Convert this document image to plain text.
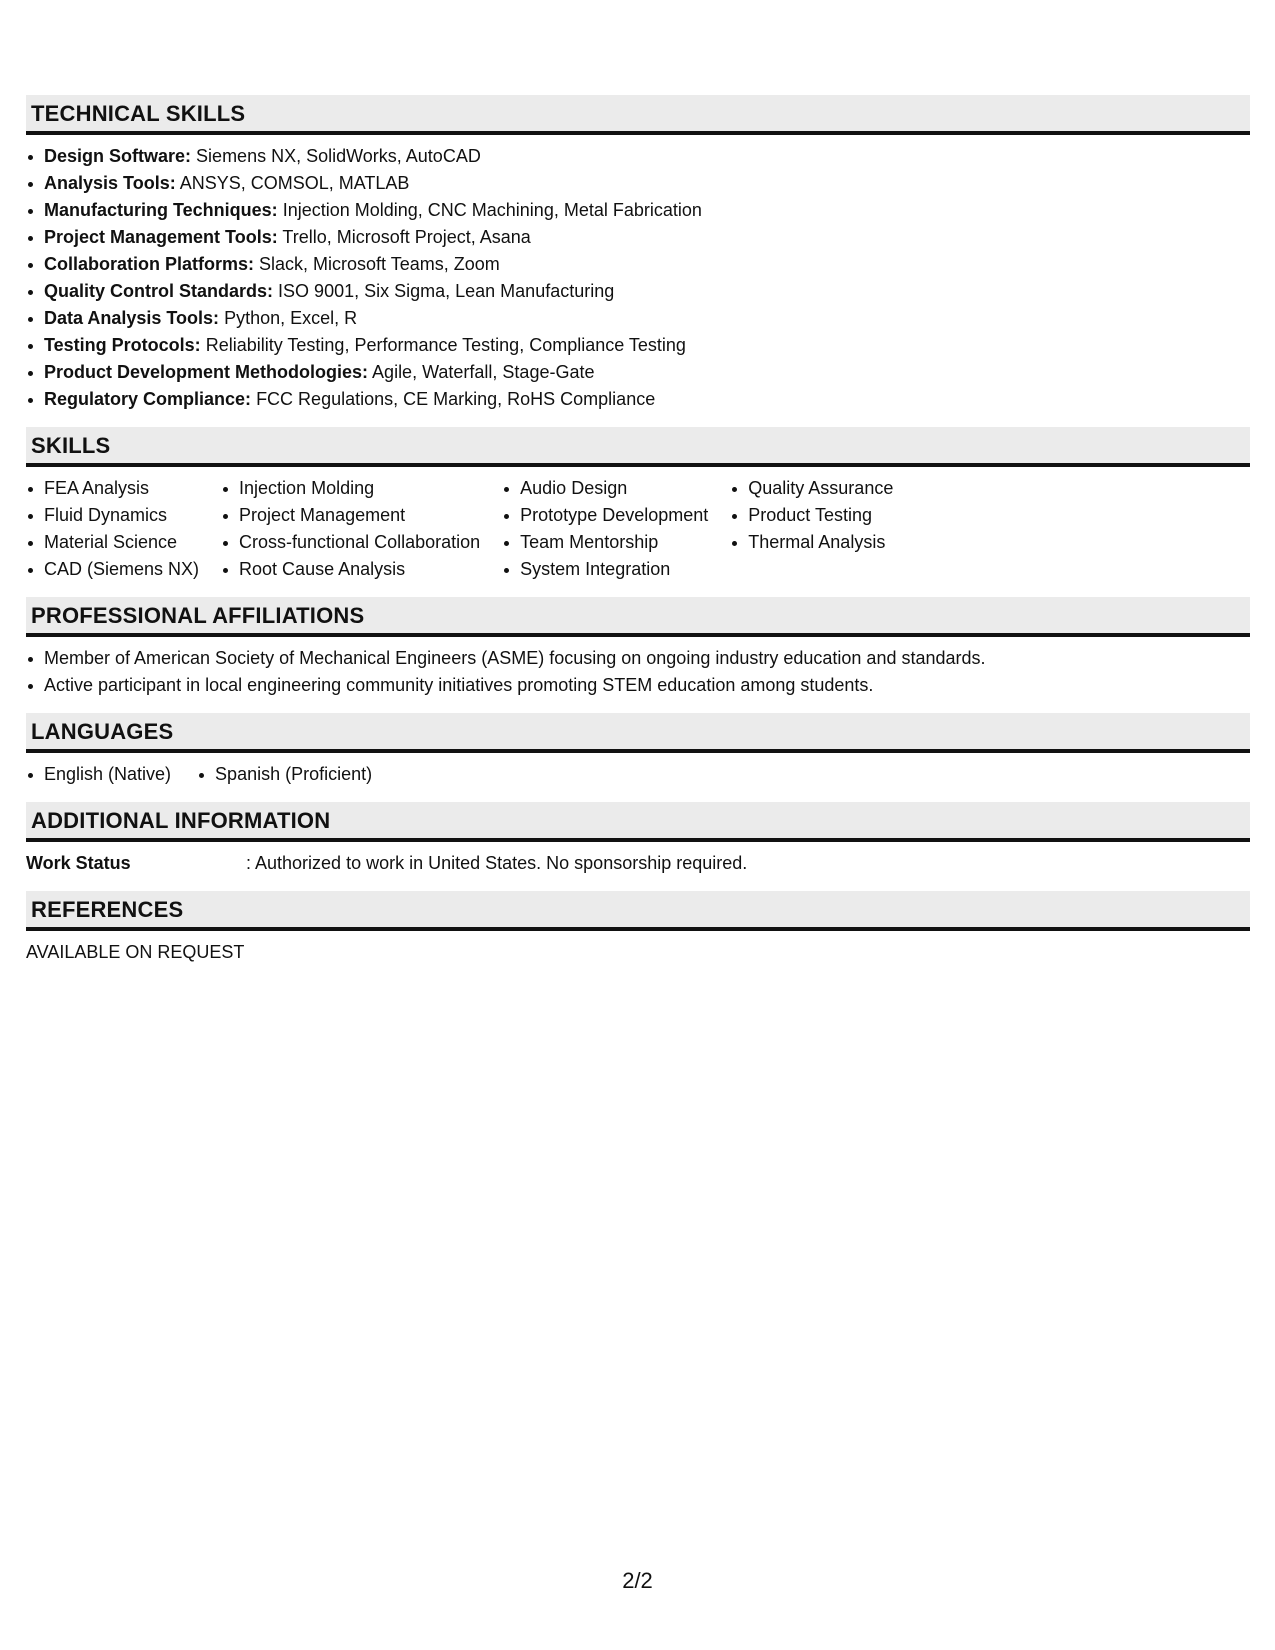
TECHNICAL SKILLS
Design Software: Siemens NX, SolidWorks, AutoCAD
Analysis Tools: ANSYS, COMSOL, MATLAB
Manufacturing Techniques: Injection Molding, CNC Machining, Metal Fabrication
Project Management Tools: Trello, Microsoft Project, Asana
Collaboration Platforms: Slack, Microsoft Teams, Zoom
Quality Control Standards: ISO 9001, Six Sigma, Lean Manufacturing
Data Analysis Tools: Python, Excel, R
Testing Protocols: Reliability Testing, Performance Testing, Compliance Testing
Product Development Methodologies: Agile, Waterfall, Stage-Gate
Regulatory Compliance: FCC Regulations, CE Marking, RoHS Compliance
SKILLS
FEA Analysis
Fluid Dynamics
Material Science
CAD (Siemens NX)
Injection Molding
Project Management
Cross-functional Collaboration
Root Cause Analysis
Audio Design
Prototype Development
Team Mentorship
System Integration
Quality Assurance
Product Testing
Thermal Analysis
PROFESSIONAL AFFILIATIONS
Member of American Society of Mechanical Engineers (ASME) focusing on ongoing industry education and standards.
Active participant in local engineering community initiatives promoting STEM education among students.
LANGUAGES
English (Native)	Spanish (Proficient)
ADDITIONAL INFORMATION
Work Status	: Authorized to work in United States. No sponsorship required.
REFERENCES
AVAILABLE ON REQUEST
2/2
